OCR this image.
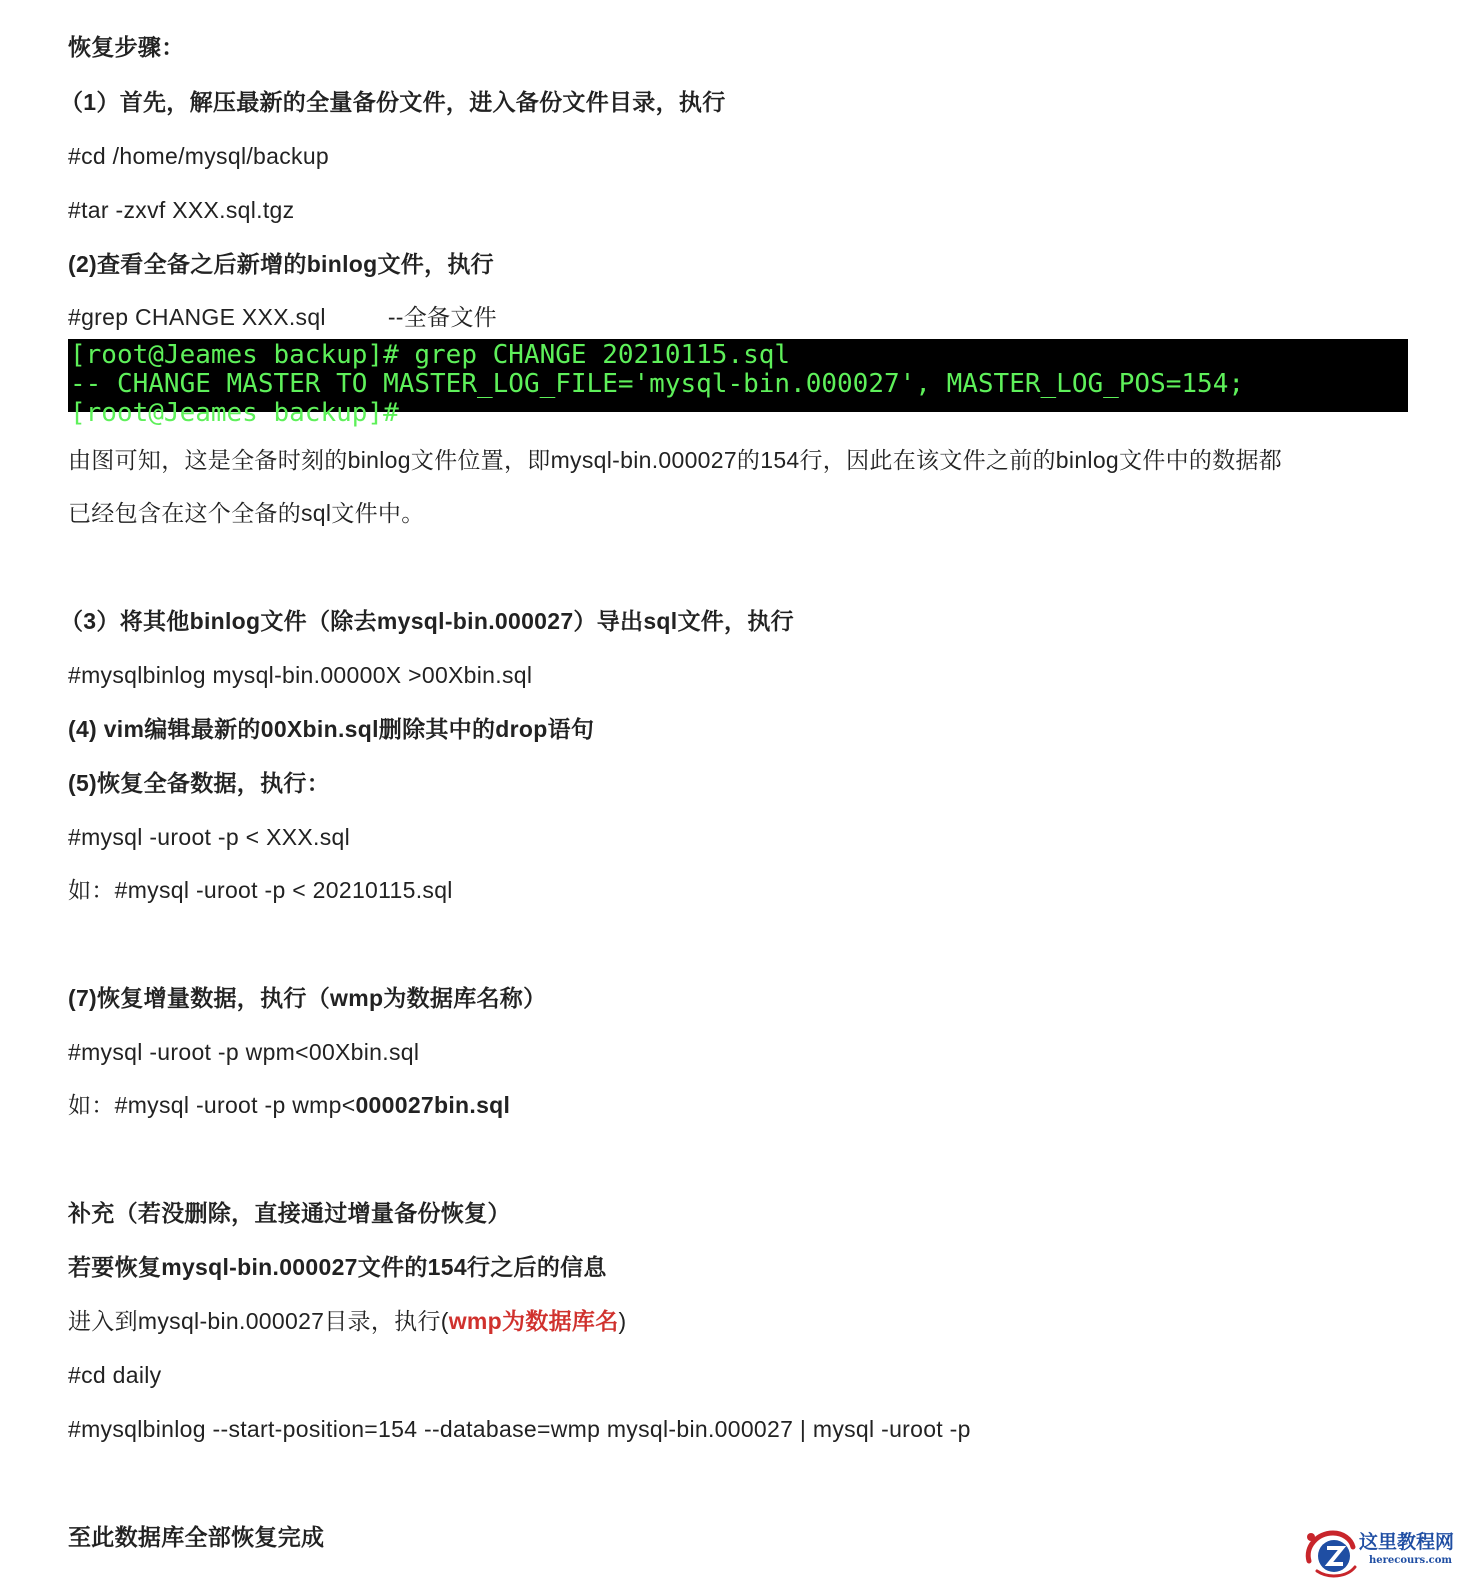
恢复步骤：
（1）首先，解压最新的全量备份文件，进入备份文件目录，执行
#cd /home/mysql/backup
#tar -zxvf XXX.sql.tgz
(2)查看全备之后新增的binlog文件，执行
#grep CHANGE XXX.sql	--全备文件
由图可知，这是全备时刻的binlog文件位置，即mysql-bin.000027的154行，因此在该文件之前的binlog文件中的数据都
已经包含在这个全备的sql文件中。
（3）将其他binlog文件（除去mysql-bin.000027）导出sql文件，执行
#mysqlbinlog mysql-bin.00000X >00Xbin.sql
(4) vim编辑最新的00Xbin.sql删除其中的drop语句
(5)恢复全备数据，执行：
#mysql -uroot -p < XXX.sql
如：#mysql -uroot -p < 20210115.sql
(7)恢复增量数据，执行（wmp为数据库名称）
#mysql -uroot -p wpm<00Xbin.sql
如：#mysql -uroot -p wmp<000027bin.sql
补充（若没删除，直接通过增量备份恢复）
若要恢复mysql-bin.000027文件的154行之后的信息
进入到mysql-bin.000027目录，执行(wmp为数据库名)
#cd daily
#mysqlbinlog --start-position=154 --database=wmp mysql-bin.000027 | mysql -uroot -p
至此数据库全部恢复完成
[root@Jeames backup]# grep CHANGE 20210115.sql
-- CHANGE MASTER TO MASTER_LOG_FILE='mysql-bin.000027', MASTER_LOG_POS=154;
[root@Jeames backup]#
这里教程网
herecours.com
